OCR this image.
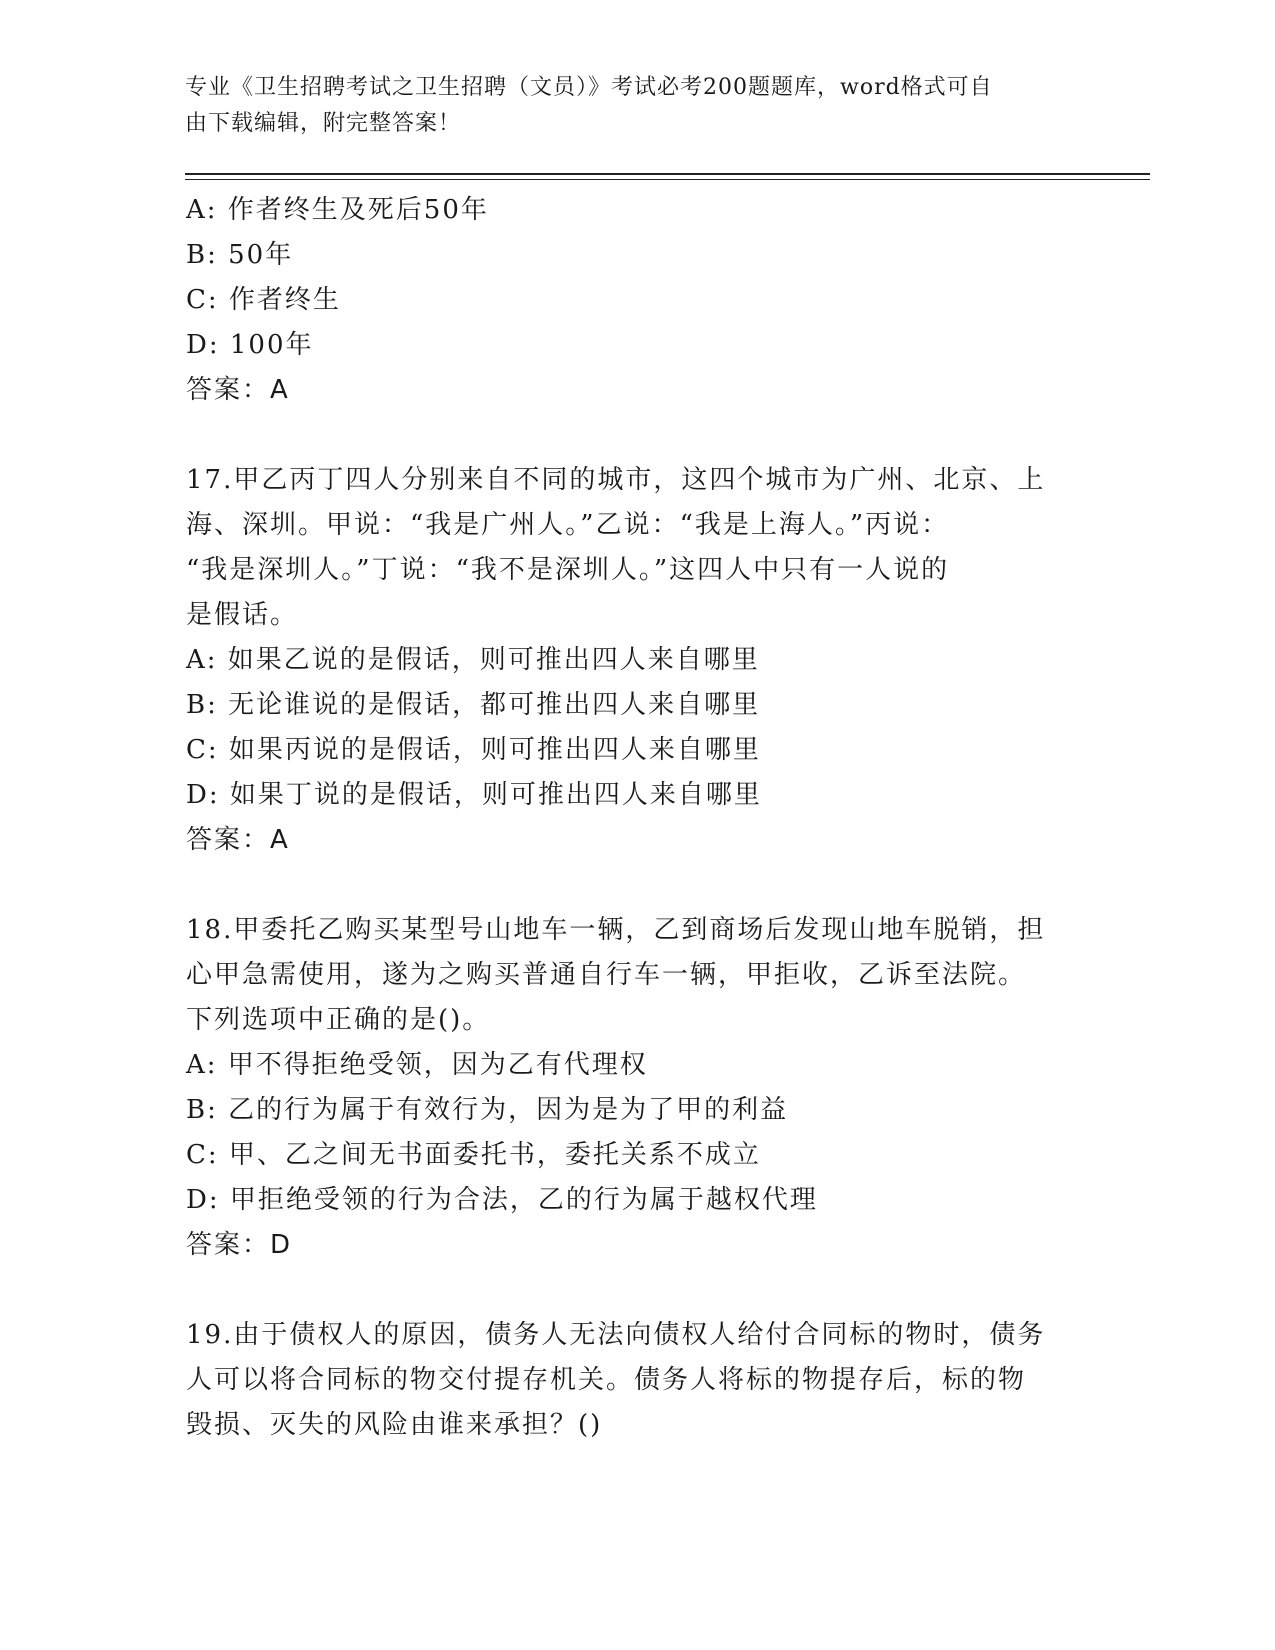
专业《卫生招聘考试之卫生招聘（文员）》考试必考200题题库，word格式可自
由下载编辑，附完整答案！
A: 作者终生及死后50年
B: 50年
C: 作者终生
D: 100年
答案：A
17.甲乙丙丁四人分别来自不同的城市，这四个城市为广州、北京、上
海、深圳。甲说：“我是广州人。”乙说：“我是上海人。”丙说：
“我是深圳人。”丁说：“我不是深圳人。”这四人中只有一人说的
是假话。
A: 如果乙说的是假话，则可推出四人来自哪里
B: 无论谁说的是假话，都可推出四人来自哪里
C: 如果丙说的是假话，则可推出四人来自哪里
D: 如果丁说的是假话，则可推出四人来自哪里
答案：A
18.甲委托乙购买某型号山地车一辆，乙到商场后发现山地车脱销，担
心甲急需使用，遂为之购买普通自行车一辆，甲拒收，乙诉至法院。
下列选项中正确的是()。
A: 甲不得拒绝受领，因为乙有代理权
B: 乙的行为属于有效行为，因为是为了甲的利益
C: 甲、乙之间无书面委托书，委托关系不成立
D: 甲拒绝受领的行为合法，乙的行为属于越权代理
答案：D
19.由于债权人的原因，债务人无法向债权人给付合同标的物时，债务
人可以将合同标的物交付提存机关。债务人将标的物提存后，标的物
毁损、灭失的风险由谁来承担？()
